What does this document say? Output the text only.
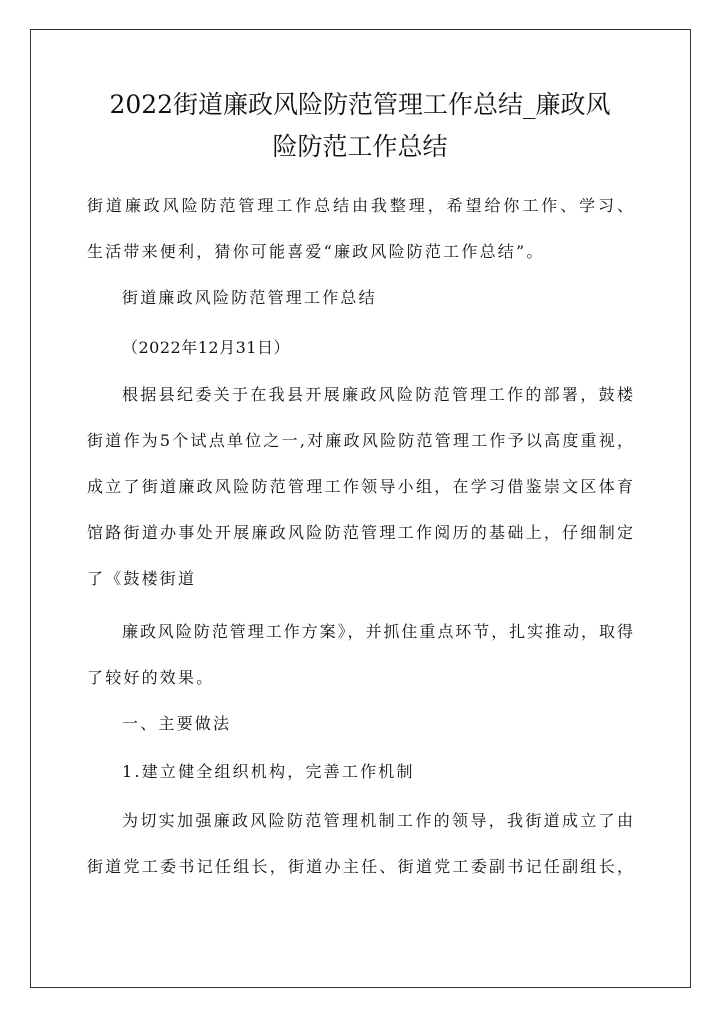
2022街道廉政风险防范管理工作总结_廉政风
险防范工作总结

街道廉政风险防范管理工作总结由我整理，希望给你工作、学习、

生活带来便利，猜你可能喜爱“廉政风险防范工作总结”。

街道廉政风险防范管理工作总结

（2022年12月31日）

根据县纪委关于在我县开展廉政风险防范管理工作的部署，鼓楼

街道作为5个试点单位之一,对廉政风险防范管理工作予以高度重视，

成立了街道廉政风险防范管理工作领导小组，在学习借鉴崇文区体育

馆路街道办事处开展廉政风险防范管理工作阅历的基础上，仔细制定

了《鼓楼街道

廉政风险防范管理工作方案》，并抓住重点环节，扎实推动，取得

了较好的效果。

一、主要做法

1.建立健全组织机构，完善工作机制

为切实加强廉政风险防范管理机制工作的领导，我街道成立了由

街道党工委书记任组长，街道办主任、街道党工委副书记任副组长，
